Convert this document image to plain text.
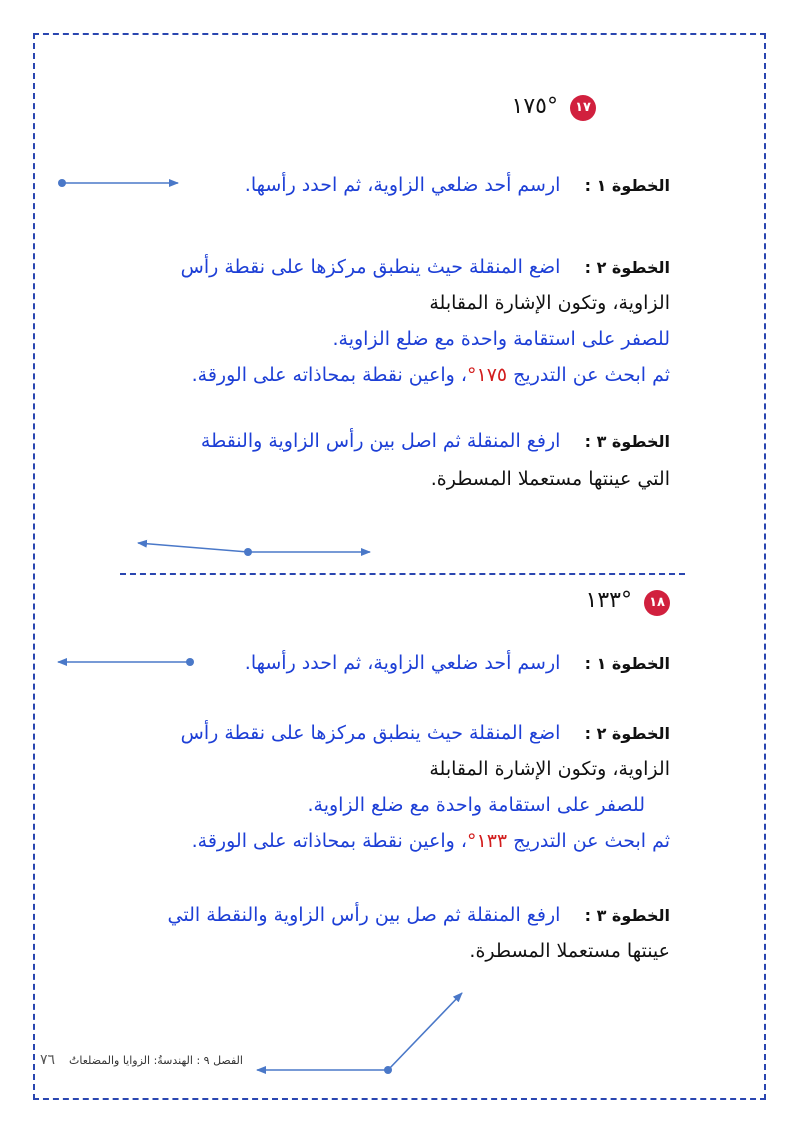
١٧
°١٧٥
الخطوة ١ :    ارسم أحد ضلعي الزاوية، ثم احدد رأسها.
الخطوة ٢ :    اضع المنقلة حيث ينطبق مركزها على نقطة رأس
الزاوية، وتكون الإشارة المقابلة
للصفر على استقامة واحدة مع ضلع الزاوية.
ثم ابحث عن التدريج ١٧٥°، واعين نقطة بمحاذاته على الورقة.
الخطوة ٣ :    ارفع المنقلة ثم اصل بين رأس الزاوية والنقطة
التي عينتها مستعملا المسطرة.
١٨
°١٣٣
الخطوة ١ :    ارسم أحد ضلعي الزاوية، ثم احدد رأسها.
الخطوة ٢ :    اضع المنقلة حيث ينطبق مركزها على نقطة رأس
الزاوية، وتكون الإشارة المقابلة
للصفر على استقامة واحدة مع ضلع الزاوية.
ثم ابحث عن التدريج ١٣٣°، واعين نقطة بمحاذاته على الورقة.
الخطوة ٣ :    ارفع المنقلة ثم صل بين رأس الزاوية والنقطة التي
عينتها مستعملا المسطرة.
الفصل ٩ : الهندسةُ: الزوايا والمضلعاتُ    ٧٦
